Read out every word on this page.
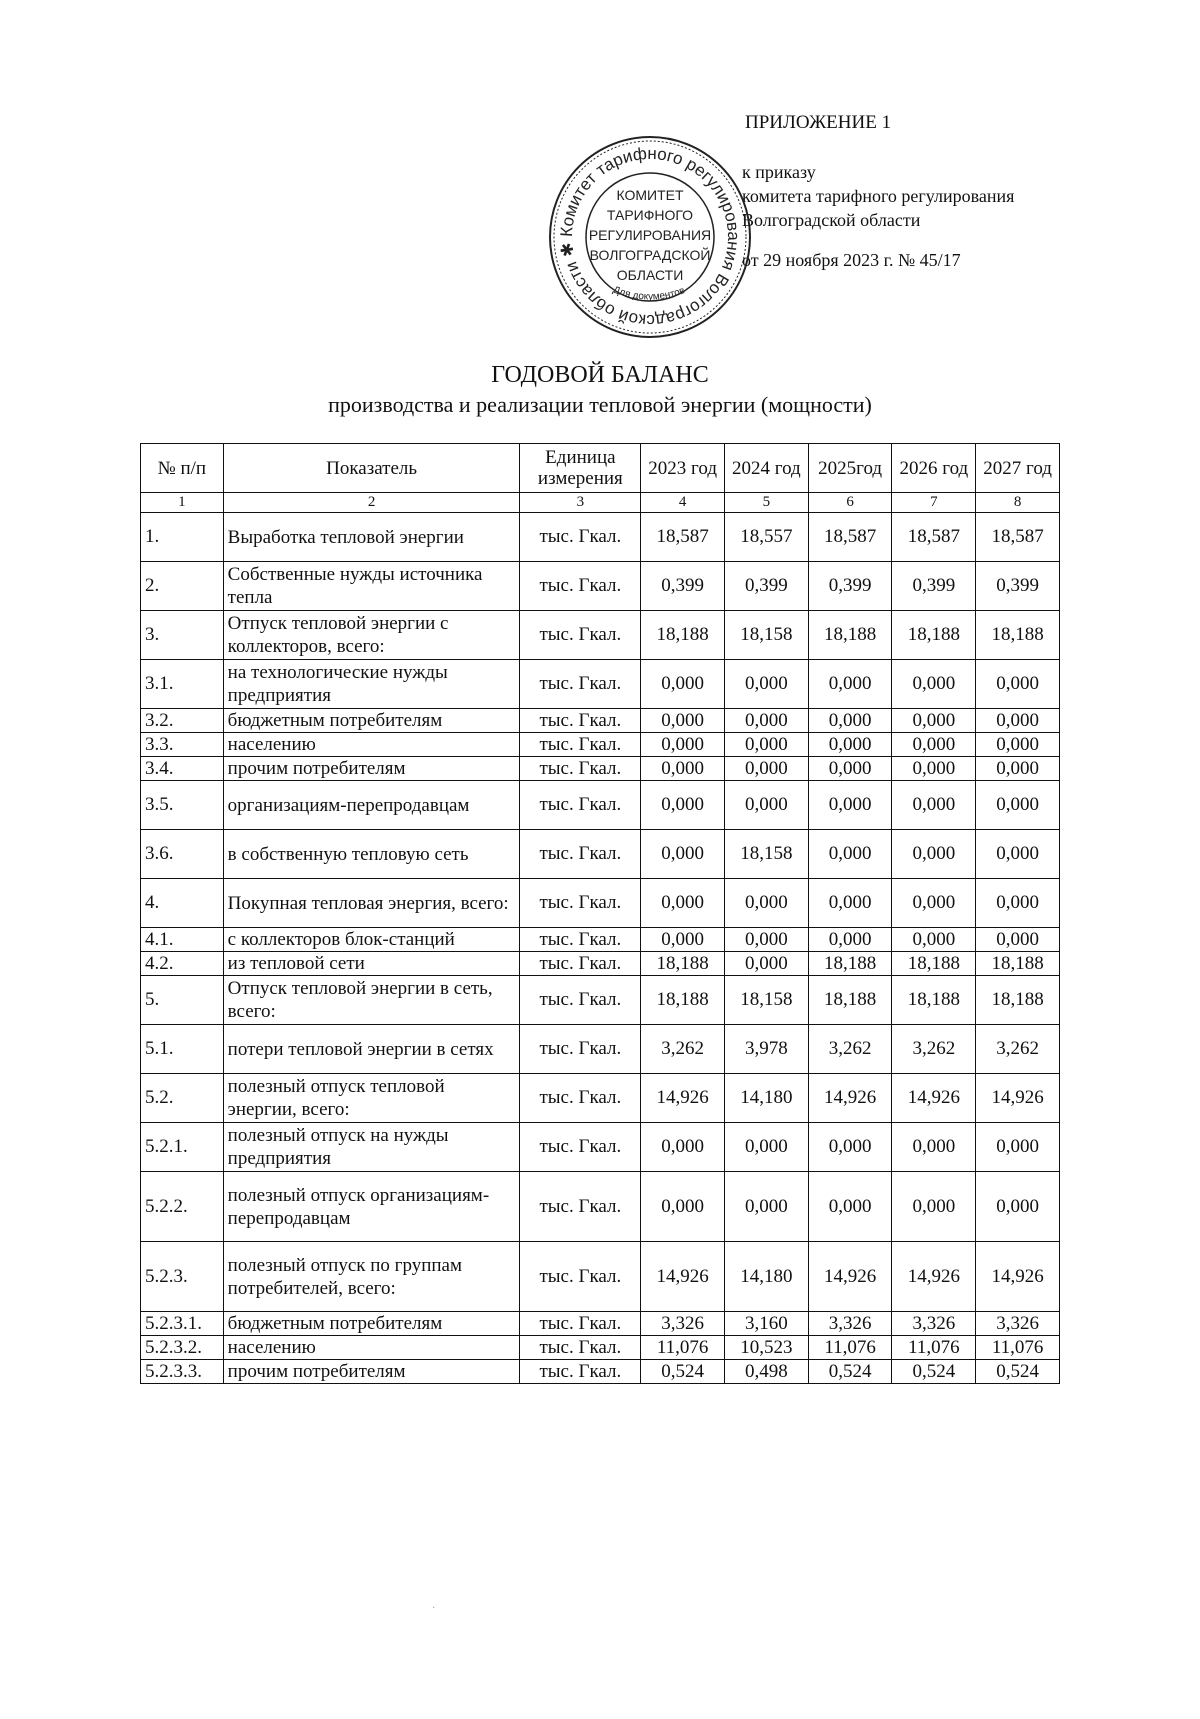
ПРИЛОЖЕНИЕ 1
к приказу
комитета тарифного регулирования
Волгоградской области
от 29 ноября 2023 г. № 45/17
Комитет тарифного регулирования Волгоградской области ✱
КОМИТЕТ
ТАРИФНОГО
РЕГУЛИРОВАНИЯ
ВОЛГОГРАДСКОЙ
ОБЛАСТИ
Для документов
ГОДОВОЙ БАЛАНС
производства и реализации тепловой энергии (мощности)
№ п/п	Показатель	Единица измерения	2023 год	2024 год	2025год	2026 год	2027 год
1	2	3	4	5	6	7	8
1.	Выработка тепловой энергии	тыс. Гкал.	18,587	18,557	18,587	18,587	18,587
2.	Собственные нужды источника тепла	тыс. Гкал.	0,399	0,399	0,399	0,399	0,399
3.	Отпуск тепловой энергии с коллекторов, всего:	тыс. Гкал.	18,188	18,158	18,188	18,188	18,188
3.1.	на технологические нужды предприятия	тыс. Гкал.	0,000	0,000	0,000	0,000	0,000
3.2.	бюджетным потребителям	тыс. Гкал.	0,000	0,000	0,000	0,000	0,000
3.3.	населению	тыс. Гкал.	0,000	0,000	0,000	0,000	0,000
3.4.	прочим потребителям	тыс. Гкал.	0,000	0,000	0,000	0,000	0,000
3.5.	организациям-перепродавцам	тыс. Гкал.	0,000	0,000	0,000	0,000	0,000
3.6.	в собственную тепловую сеть	тыс. Гкал.	0,000	18,158	0,000	0,000	0,000
4.	Покупная тепловая энергия, всего:	тыс. Гкал.	0,000	0,000	0,000	0,000	0,000
4.1.	с коллекторов блок-станций	тыс. Гкал.	0,000	0,000	0,000	0,000	0,000
4.2.	из тепловой сети	тыс. Гкал.	18,188	0,000	18,188	18,188	18,188
5.	Отпуск тепловой энергии в сеть, всего:	тыс. Гкал.	18,188	18,158	18,188	18,188	18,188
5.1.	потери тепловой энергии в сетях	тыс. Гкал.	3,262	3,978	3,262	3,262	3,262
5.2.	полезный отпуск тепловой энергии, всего:	тыс. Гкал.	14,926	14,180	14,926	14,926	14,926
5.2.1.	полезный отпуск на нужды предприятия	тыс. Гкал.	0,000	0,000	0,000	0,000	0,000
5.2.2.	полезный отпуск организациям-перепродавцам	тыс. Гкал.	0,000	0,000	0,000	0,000	0,000
5.2.3.	полезный отпуск по группам потребителей, всего:	тыс. Гкал.	14,926	14,180	14,926	14,926	14,926
5.2.3.1.	бюджетным потребителям	тыс. Гкал.	3,326	3,160	3,326	3,326	3,326
5.2.3.2.	населению	тыс. Гкал.	11,076	10,523	11,076	11,076	11,076
5.2.3.3.	прочим потребителям	тыс. Гкал.	0,524	0,498	0,524	0,524	0,524
·
